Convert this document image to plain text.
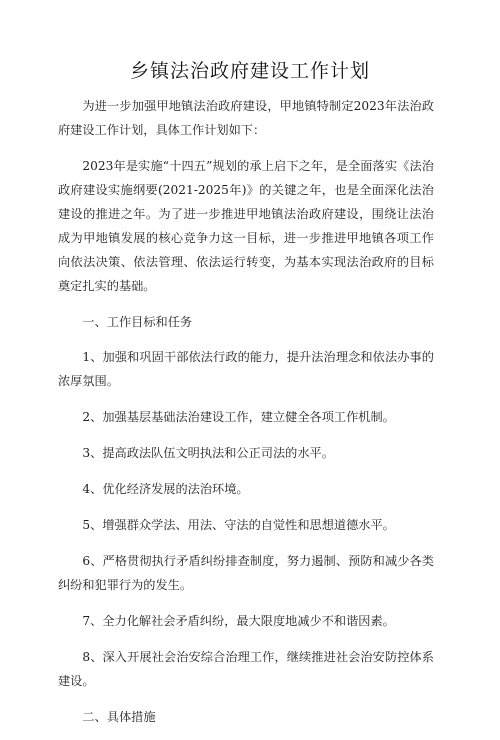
乡镇法治政府建设工作计划

为进一步加强甲地镇法治政府建设，甲地镇特制定2023年法治政府建设工作计划，具体工作计划如下：

2023年是实施“十四五”规划的承上启下之年，是全面落实《法治政府建设实施纲要(2021-2025年)》的关键之年，也是全面深化法治建设的推进之年。为了进一步推进甲地镇法治政府建设，围绕让法治成为甲地镇发展的核心竞争力这一目标，进一步推进甲地镇各项工作向依法决策、依法管理、依法运行转变，为基本实现法治政府的目标奠定扎实的基础。

一、工作目标和任务

1、加强和巩固干部依法行政的能力，提升法治理念和依法办事的浓厚氛围。

2、加强基层基础法治建设工作，建立健全各项工作机制。

3、提高政法队伍文明执法和公正司法的水平。

4、优化经济发展的法治环境。

5、增强群众学法、用法、守法的自觉性和思想道德水平。

6、严格贯彻执行矛盾纠纷排查制度，努力遏制、预防和减少各类纠纷和犯罪行为的发生。

7、全力化解社会矛盾纠纷，最大限度地减少不和谐因素。

8、深入开展社会治安综合治理工作，继续推进社会治安防控体系建设。

二、具体措施
